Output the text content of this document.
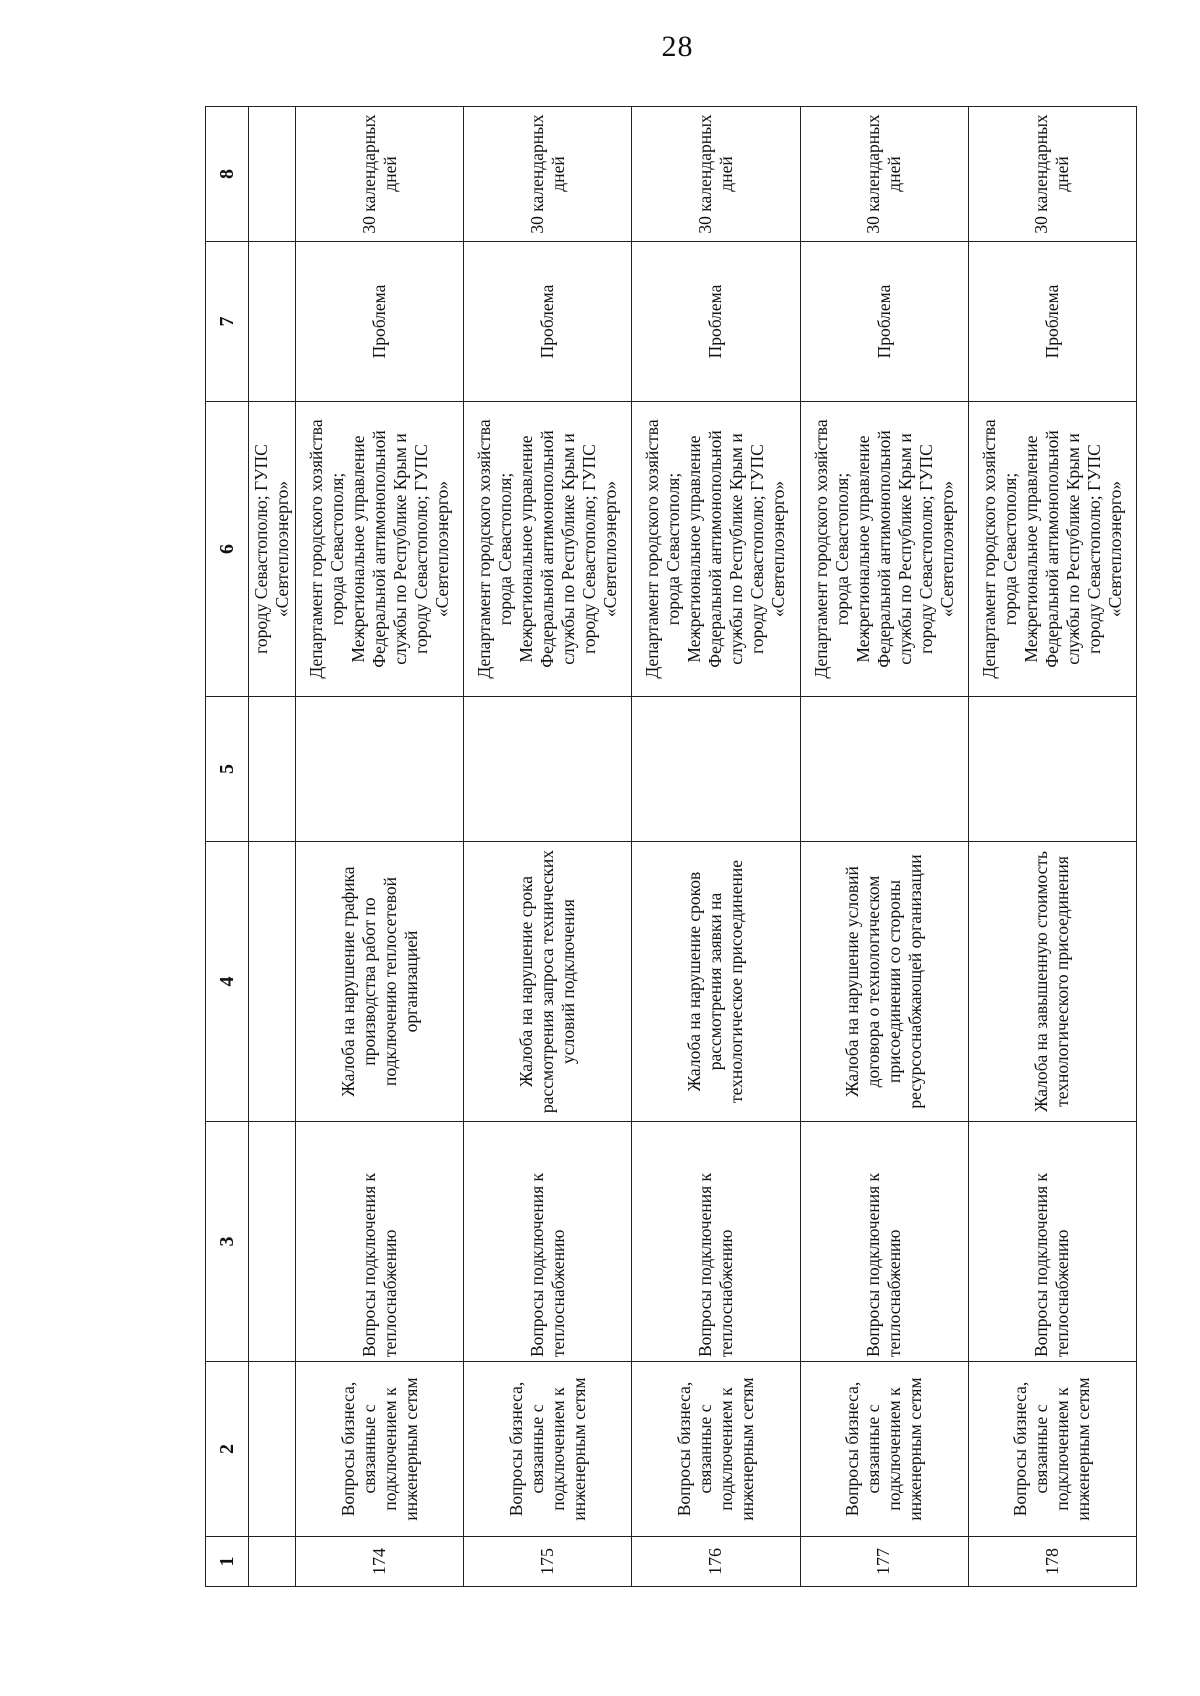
28
1	2	3	4	5	6	7	8
					городу Севастополю; ГУПС «Севтеплоэнерго»		
174	Вопросы бизнеса, связанные с подключением к инженерным сетям	Вопросы подключения к теплоснабжению	Жалоба на нарушение графика производства работ по подключению теплосетевой организацией		Департамент городского хозяйства города Севастополя; Межрегиональное управление Федеральной антимонопольной службы по Республике Крым и городу Севастополю; ГУПС «Севтеплоэнерго»	Проблема	30 календарных дней
175	Вопросы бизнеса, связанные с подключением к инженерным сетям	Вопросы подключения к теплоснабжению	Жалоба на нарушение срока рассмотрения запроса технических условий подключения		Департамент городского хозяйства города Севастополя; Межрегиональное управление Федеральной антимонопольной службы по Республике Крым и городу Севастополю; ГУПС «Севтеплоэнерго»	Проблема	30 календарных дней
176	Вопросы бизнеса, связанные с подключением к инженерным сетям	Вопросы подключения к теплоснабжению	Жалоба на нарушение сроков рассмотрения заявки на технологическое присоединение		Департамент городского хозяйства города Севастополя; Межрегиональное управление Федеральной антимонопольной службы по Республике Крым и городу Севастополю; ГУПС «Севтеплоэнерго»	Проблема	30 календарных дней
177	Вопросы бизнеса, связанные с подключением к инженерным сетям	Вопросы подключения к теплоснабжению	Жалоба на нарушение условий договора о технологическом присоединении со стороны ресурсоснабжающей организации		Департамент городского хозяйства города Севастополя; Межрегиональное управление Федеральной антимонопольной службы по Республике Крым и городу Севастополю; ГУПС «Севтеплоэнерго»	Проблема	30 календарных дней
178	Вопросы бизнеса, связанные с подключением к инженерным сетям	Вопросы подключения к теплоснабжению	Жалоба на завышенную стоимость технологического присоединения		Департамент городского хозяйства города Севастополя; Межрегиональное управление Федеральной антимонопольной службы по Республике Крым и городу Севастополю; ГУПС «Севтеплоэнерго»	Проблема	30 календарных дней
